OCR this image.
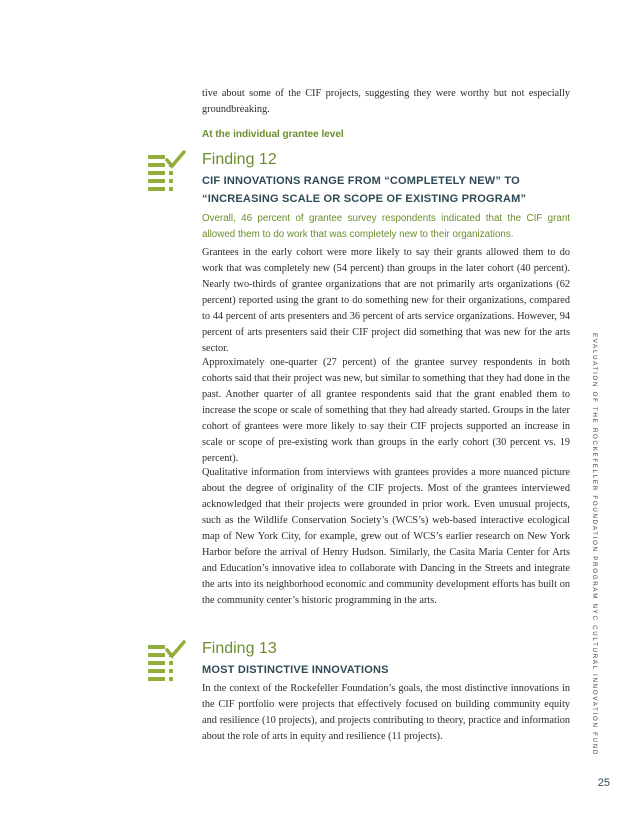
tive about some of the CIF projects, suggesting they were worthy but not especially groundbreaking.

At the individual grantee level

Finding 12

CIF INNOVATIONS RANGE FROM “COMPLETELY NEW” TO

“INCREASING SCALE OR SCOPE OF EXISTING PROGRAM”

Overall, 46 percent of grantee survey respondents indicated that the CIF grant allowed them to do work that was completely new to their organizations.

Grantees in the early cohort were more likely to say their grants allowed them to do work that was completely new (54 percent) than groups in the later cohort (40 percent). Nearly two-thirds of grantee organizations that are not primarily arts organizations (62 percent) reported using the grant to do something new for their organizations, compared to 44 percent of arts presenters and 36 percent of arts service organizations. However, 94 percent of arts presenters said their CIF project did something that was new for the arts sector.

Approximately one-quarter (27 percent) of the grantee survey respondents in both cohorts said that their project was new, but similar to something that they had done in the past. Another quarter of all grantee respondents said that the grant enabled them to increase the scope or scale of something that they had already started. Groups in the later cohort of grantees were more likely to say their CIF projects supported an increase in scale or scope of pre-existing work than groups in the early cohort (30 percent vs. 19 percent).

Qualitative information from interviews with grantees provides a more nuanced picture about the degree of originality of the CIF projects. Most of the grantees interviewed acknowledged that their projects were grounded in prior work. Even unusual projects, such as the Wildlife Conservation Society’s (WCS’s) web-based interactive ecological map of New York City, for example, grew out of WCS’s earlier research on New York Harbor before the arrival of Henry Hudson. Similarly, the Casita Maria Center for Arts and Education’s innovative idea to collaborate with Dancing in the Streets and integrate the arts into its neighborhood economic and community development efforts has built on the community center’s historic programming in the arts.

Finding 13

MOST DISTINCTIVE INNOVATIONS

In the context of the Rockefeller Foundation’s goals, the most distinctive innovations in the CIF portfolio were projects that effectively focused on building community equity and resilience (10 projects), and projects contributing to theory, practice and information about the role of arts in equity and resilience (11 projects).	EVALUATION OF THE ROCKEFELLER FOUNDATION PROGRAM NYC CULTURAL INNOVATION FUND
25
